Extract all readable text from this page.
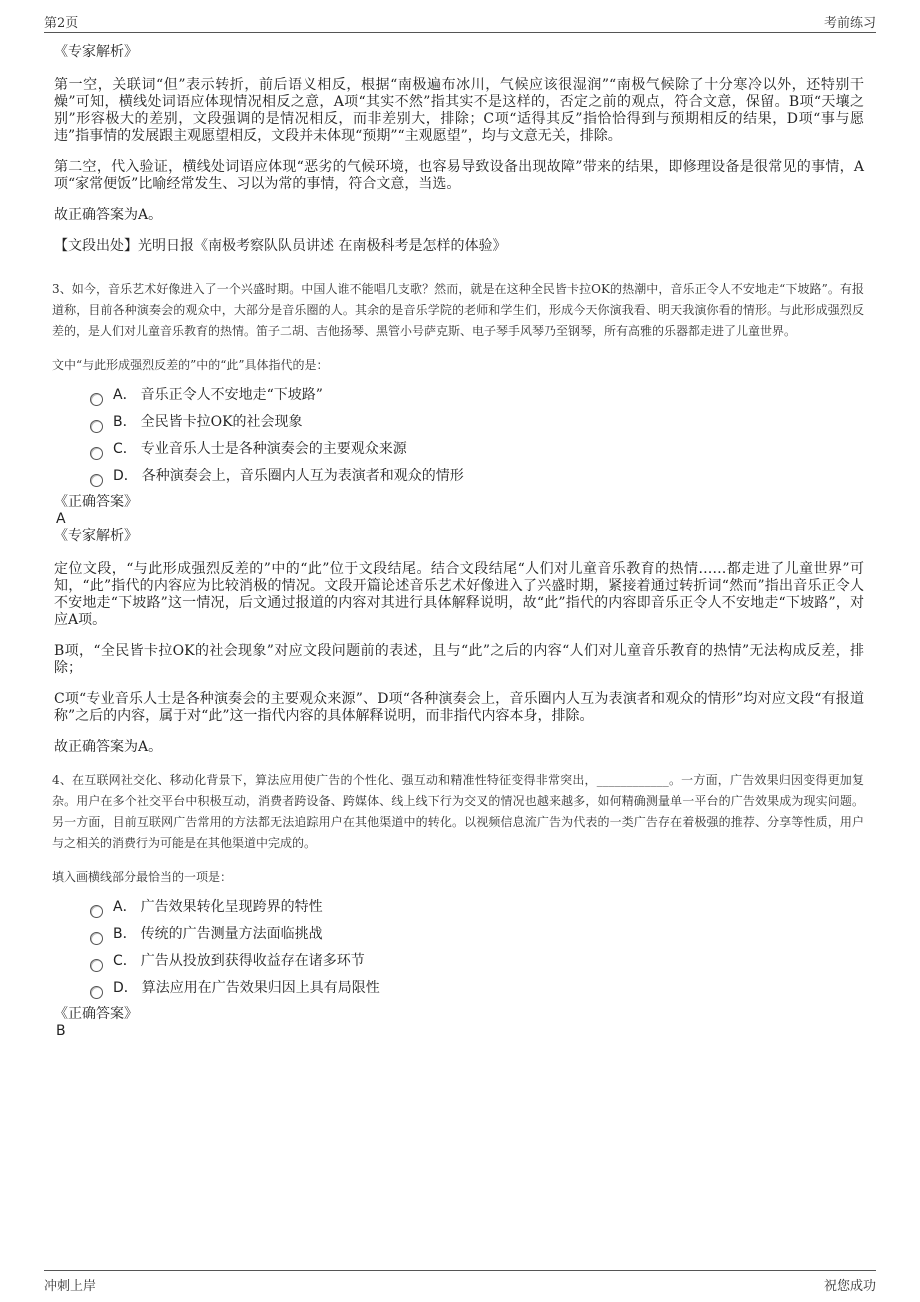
第2页	考前练习

《专家解析》

第一空，关联词“但”表示转折，前后语义相反，根据“南极遍布冰川，气候应该很湿润”“南极气候除了十分寒冷以外，还特别干燥”可知，横线处词语应体现情况相反之意，A项“其实不然”指其实不是这样的，否定之前的观点，符合文意，保留。B项“天壤之别”形容极大的差别，文段强调的是情况相反，而非差别大，排除；C项“适得其反”指恰恰得到与预期相反的结果，D项“事与愿违”指事情的发展跟主观愿望相反，文段并未体现“预期”“主观愿望”，均与文意无关，排除。

第二空，代入验证，横线处词语应体现“恶劣的气候环境，也容易导致设备出现故障”带来的结果，即修理设备是很常见的事情，A项“家常便饭”比喻经常发生、习以为常的事情，符合文意，当选。

故正确答案为A。

【文段出处】光明日报《南极考察队队员讲述 在南极科考是怎样的体验》

3、如今，音乐艺术好像进入了一个兴盛时期。中国人谁不能唱几支歌？然而，就是在这种全民皆卡拉OK的热潮中，音乐正令人不安地走“下坡路”。有报道称，目前各种演奏会的观众中，大部分是音乐圈的人。其余的是音乐学院的老师和学生们，形成今天你演我看、明天我演你看的情形。与此形成强烈反差的，是人们对儿童音乐教育的热情。笛子二胡、吉他扬琴、黑管小号萨克斯、电子琴手风琴乃至钢琴，所有高雅的乐器都走进了儿童世界。

文中“与此形成强烈反差的”中的“此”具体指代的是：

A． 音乐正令人不安地走“下坡路”
B． 全民皆卡拉OK的社会现象
C． 专业音乐人士是各种演奏会的主要观众来源
D． 各种演奏会上，音乐圈内人互为表演者和观众的情形

《正确答案》

A

《专家解析》

定位文段，“与此形成强烈反差的”中的“此”位于文段结尾。结合文段结尾“人们对儿童音乐教育的热情……都走进了儿童世界”可知，“此”指代的内容应为比较消极的情况。文段开篇论述音乐艺术好像进入了兴盛时期，紧接着通过转折词“然而”指出音乐正令人不安地走“下坡路”这一情况，后文通过报道的内容对其进行具体解释说明，故“此”指代的内容即音乐正令人不安地走“下坡路”，对应A项。

B项，“全民皆卡拉OK的社会现象”对应文段问题前的表述，且与“此”之后的内容“人们对儿童音乐教育的热情”无法构成反差，排除；

C项“专业音乐人士是各种演奏会的主要观众来源”、D项“各种演奏会上，音乐圈内人互为表演者和观众的情形”均对应文段“有报道称”之后的内容，属于对“此”这一指代内容的具体解释说明，而非指代内容本身，排除。

故正确答案为A。

4、在互联网社交化、移动化背景下，算法应用使广告的个性化、强互动和精准性特征变得非常突出，____________。一方面，广告效果归因变得更加复杂。用户在多个社交平台中积极互动，消费者跨设备、跨媒体、线上线下行为交叉的情况也越来越多，如何精确测量单一平台的广告效果成为现实问题。另一方面，目前互联网广告常用的方法都无法追踪用户在其他渠道中的转化。以视频信息流广告为代表的一类广告存在着极强的推荐、分享等性质，用户与之相关的消费行为可能是在其他渠道中完成的。

填入画横线部分最恰当的一项是：

A． 广告效果转化呈现跨界的特性
B． 传统的广告测量方法面临挑战
C． 广告从投放到获得收益存在诸多环节
D． 算法应用在广告效果归因上具有局限性

《正确答案》

B

冲刺上岸	祝您成功
